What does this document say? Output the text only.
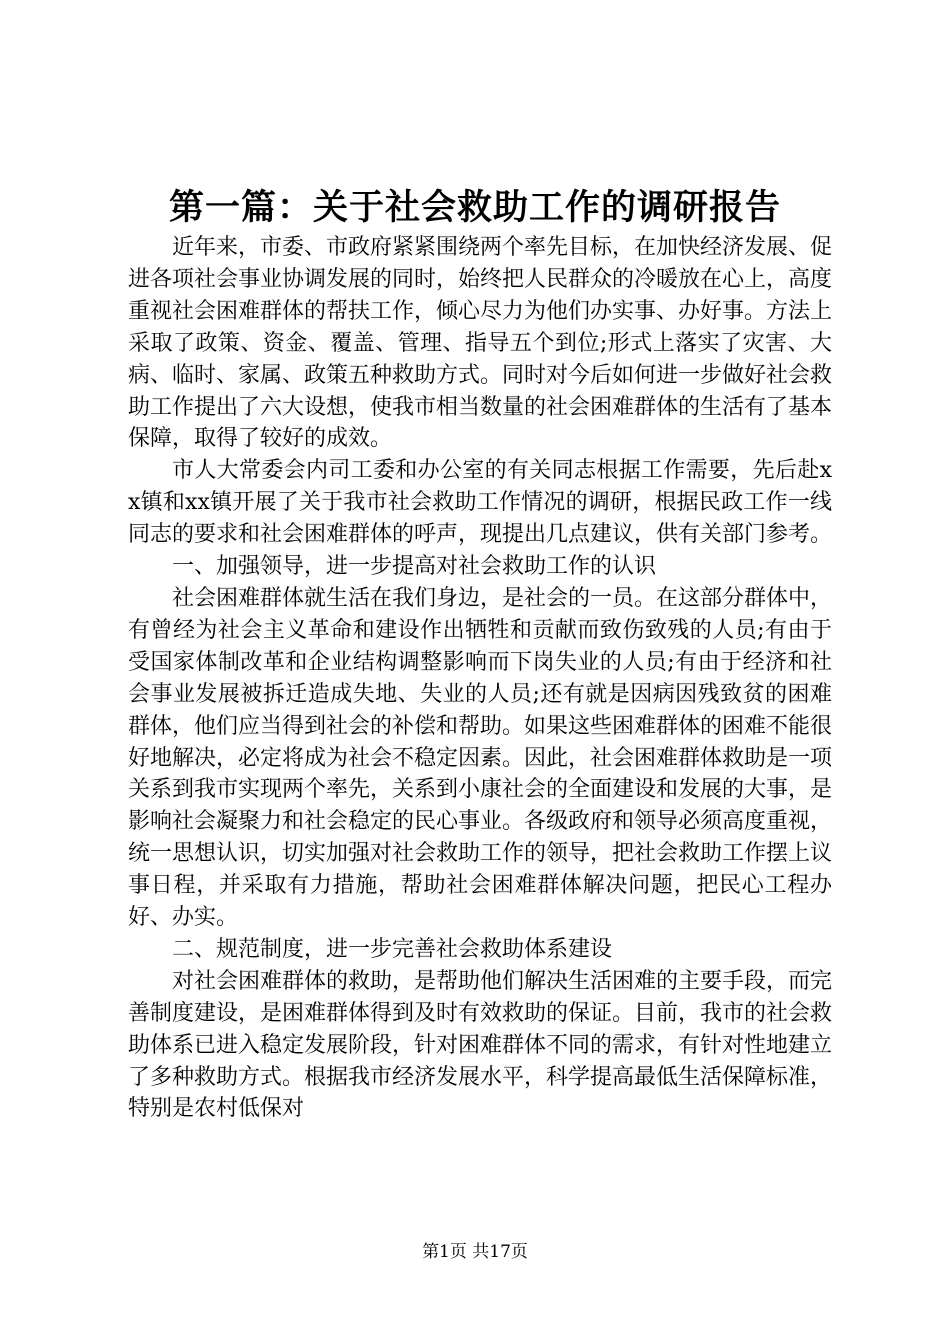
第一篇：关于社会救助工作的调研报告

近年来，市委、市政府紧紧围绕两个率先目标，在加快经济发展、促进各项社会事业协调发展的同时，始终把人民群众的冷暖放在心上，高度重视社会困难群体的帮扶工作，倾心尽力为他们办实事、办好事。方法上采取了政策、资金、覆盖、管理、指导五个到位;形式上落实了灾害、大病、临时、家属、政策五种救助方式。同时对今后如何进一步做好社会救助工作提出了六大设想，使我市相当数量的社会困难群体的生活有了基本保障，取得了较好的成效。

市人大常委会内司工委和办公室的有关同志根据工作需要，先后赴xx镇和xx镇开展了关于我市社会救助工作情况的调研，根据民政工作一线同志的要求和社会困难群体的呼声，现提出几点建议，供有关部门参考。

一、加强领导，进一步提高对社会救助工作的认识

社会困难群体就生活在我们身边，是社会的一员。在这部分群体中，有曾经为社会主义革命和建设作出牺牲和贡献而致伤致残的人员;有由于受国家体制改革和企业结构调整影响而下岗失业的人员;有由于经济和社会事业发展被拆迁造成失地、失业的人员;还有就是因病因残致贫的困难群体，他们应当得到社会的补偿和帮助。如果这些困难群体的困难不能很好地解决，必定将成为社会不稳定因素。因此，社会困难群体救助是一项关系到我市实现两个率先，关系到小康社会的全面建设和发展的大事，是影响社会凝聚力和社会稳定的民心事业。各级政府和领导必须高度重视，统一思想认识，切实加强对社会救助工作的领导，把社会救助工作摆上议事日程，并采取有力措施，帮助社会困难群体解决问题，把民心工程办好、办实。

二、规范制度，进一步完善社会救助体系建设

对社会困难群体的救助，是帮助他们解决生活困难的主要手段，而完善制度建设，是困难群体得到及时有效救助的保证。目前，我市的社会救助体系已进入稳定发展阶段，针对困难群体不同的需求，有针对性地建立了多种救助方式。根据我市经济发展水平，科学提高最低生活保障标准，特别是农村低保对

第1页 共17页
